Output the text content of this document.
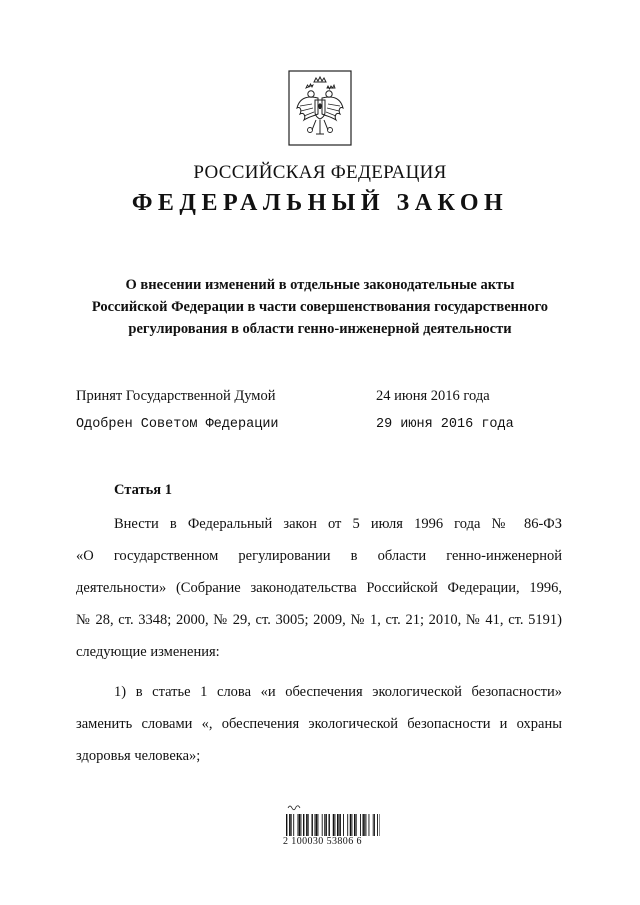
РОССИЙСКАЯ ФЕДЕРАЦИЯ
ФЕДЕРАЛЬНЫЙ ЗАКОН
О внесении изменений в отдельные законодательные акты
Российской Федерации в части совершенствования государственного
регулирования в области генно-инженерной деятельности
Принят Государственной Думой	24 июня 2016 года
Одобрен Советом Федерации	29 июня 2016 года
Статья 1
Внести в Федеральный закон от 5 июля 1996 года № 86-ФЗ
«О государственном регулировании в области генно-инженерной
деятельности» (Собрание законодательства Российской Федерации, 1996,
№ 28, ст. 3348; 2000, № 29, ст. 3005; 2009, № 1, ст. 21; 2010, № 41, ст. 5191)
следующие изменения:
1) в статье 1 слова «и обеспечения экологической безопасности»
заменить словами «, обеспечения экологической безопасности и охраны
здоровья человека»;
2 100030 53806 6
